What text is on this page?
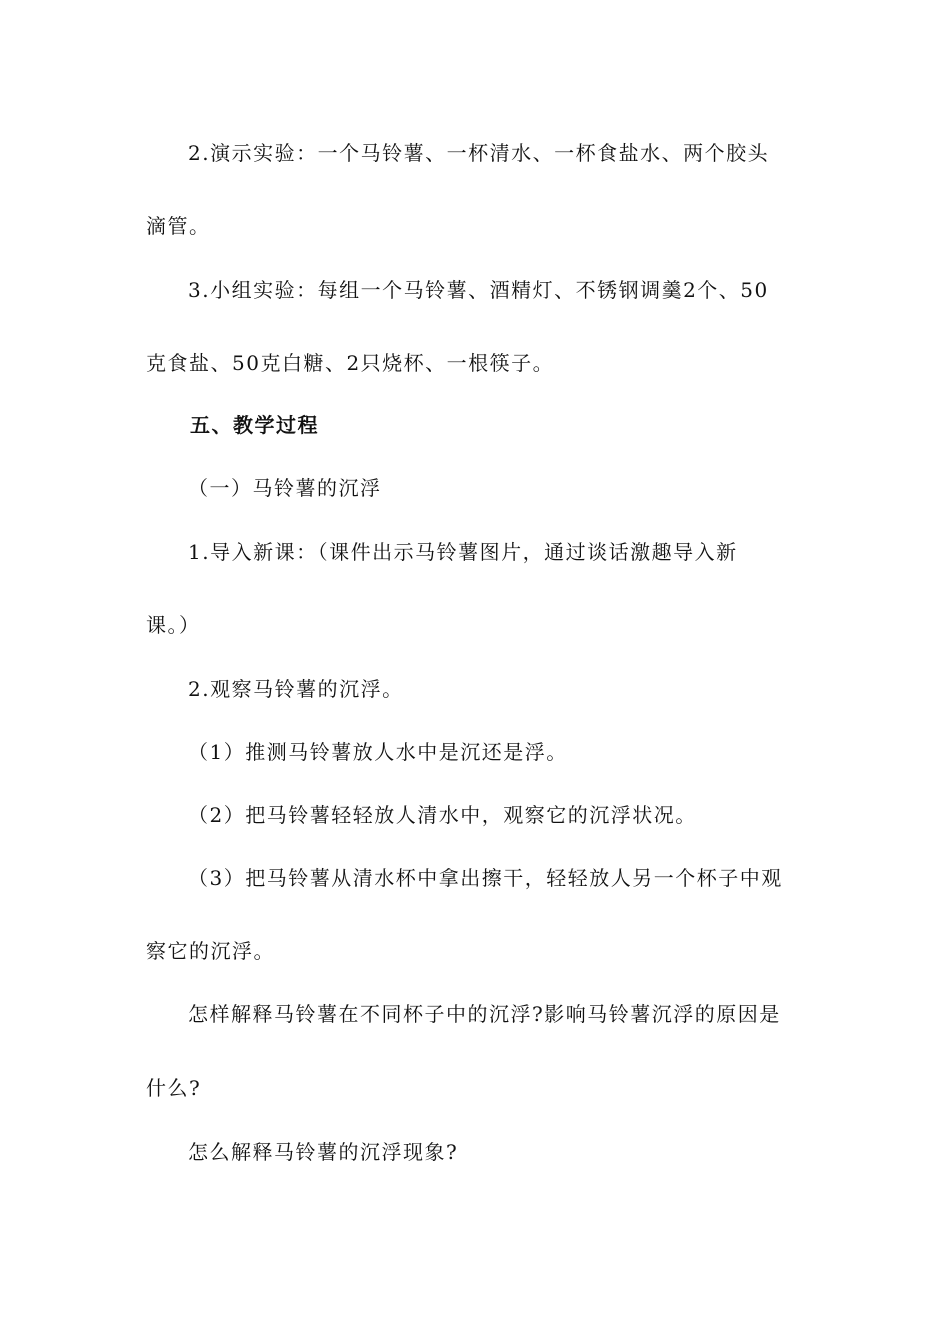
2.演示实验：一个马铃薯、一杯清水、一杯食盐水、两个胶头
滴管。
3.小组实验：每组一个马铃薯、酒精灯、不锈钢调羹2个、50
克食盐、50克白糖、2只烧杯、一根筷子。
五、教学过程
（一）马铃薯的沉浮
1.导入新课：（课件出示马铃薯图片，通过谈话激趣导入新
课。）
2.观察马铃薯的沉浮。
（1）推测马铃薯放人水中是沉还是浮。
（2）把马铃薯轻轻放人清水中，观察它的沉浮状况。
（3）把马铃薯从清水杯中拿出擦干，轻轻放人另一个杯子中观
察它的沉浮。
怎样解释马铃薯在不同杯子中的沉浮?影响马铃薯沉浮的原因是
什么?
怎么解释马铃薯的沉浮现象?
